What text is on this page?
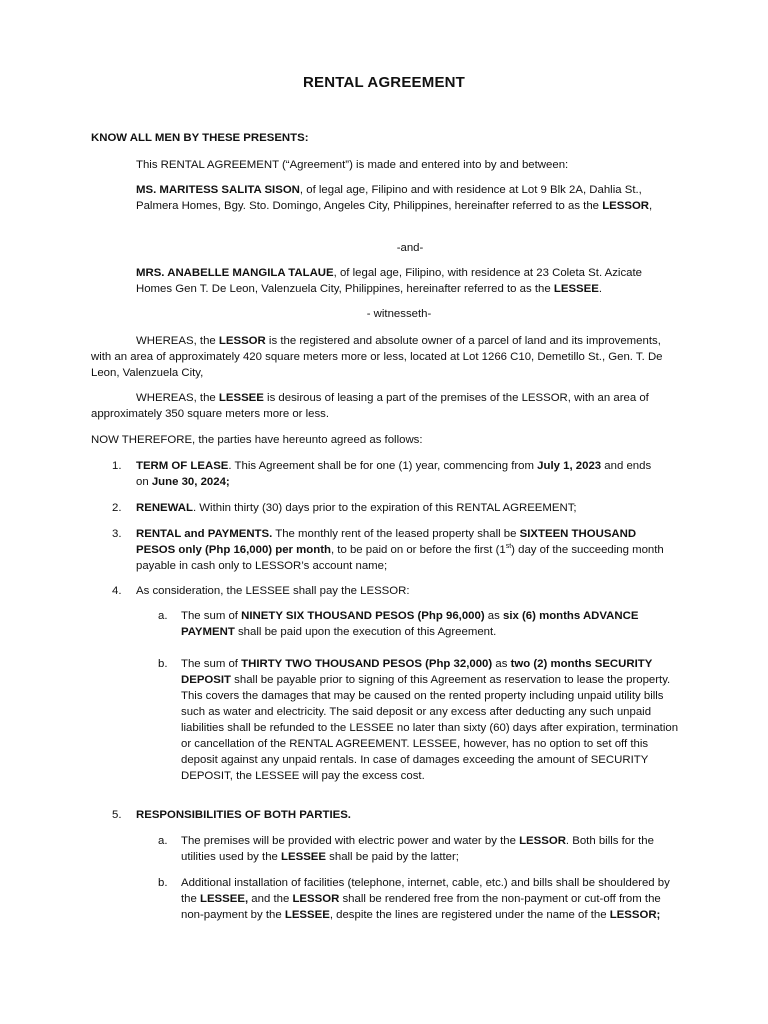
RENTAL AGREEMENT
KNOW ALL MEN BY THESE PRESENTS:
This RENTAL AGREEMENT (“Agreement”) is made and entered into by and between:
MS. MARITESS SALITA SISON, of legal age, Filipino and with residence at Lot 9 Blk 2A, Dahlia St., Palmera Homes, Bgy. Sto. Domingo, Angeles City, Philippines, hereinafter referred to as the LESSOR,
-and-
MRS. ANABELLE MANGILA TALAUE, of legal age, Filipino, with residence at 23 Coleta St. Azicate Homes Gen T. De Leon, Valenzuela City, Philippines, hereinafter referred to as the LESSEE.
- witnesseth-
WHEREAS, the LESSOR is the registered and absolute owner of a parcel of land and its improvements, with an area of approximately 420 square meters more or less, located at Lot 1266 C10, Demetillo St., Gen. T. De Leon, Valenzuela City,
WHEREAS, the LESSEE is desirous of leasing a part of the premises of the LESSOR, with an area of approximately 350 square meters more or less.
NOW THEREFORE, the parties have hereunto agreed as follows:
1.	TERM OF LEASE. This Agreement shall be for one (1) year, commencing from July 1, 2023 and ends on June 30, 2024;
2.	RENEWAL. Within thirty (30) days prior to the expiration of this RENTAL AGREEMENT;
3.	RENTAL and PAYMENTS. The monthly rent of the leased property shall be SIXTEEN THOUSAND PESOS only (Php 16,000) per month, to be paid on or before the first (1st) day of the succeeding month payable in cash only to LESSOR’s account name;
4.	As consideration, the LESSEE shall pay the LESSOR:
a.	The sum of NINETY SIX THOUSAND PESOS (Php 96,000) as six (6) months ADVANCE PAYMENT shall be paid upon the execution of this Agreement.
b.	The sum of THIRTY TWO THOUSAND PESOS (Php 32,000) as two (2) months SECURITY DEPOSIT shall be payable prior to signing of this Agreement as reservation to lease the property. This covers the damages that may be caused on the rented property including unpaid utility bills such as water and electricity. The said deposit or any excess after deducting any such unpaid liabilities shall be refunded to the LESSEE no later than sixty (60) days after expiration, termination or cancellation of the RENTAL AGREEMENT. LESSEE, however, has no option to set off this deposit against any unpaid rentals. In case of damages exceeding the amount of SECURITY DEPOSIT, the LESSEE will pay the excess cost.
5.	RESPONSIBILITIES OF BOTH PARTIES.
a.	The premises will be provided with electric power and water by the LESSOR. Both bills for the utilities used by the LESSEE shall be paid by the latter;
b.	Additional installation of facilities (telephone, internet, cable, etc.) and bills shall be shouldered by the LESSEE, and the LESSOR shall be rendered free from the non-payment or cut-off from the non-payment by the LESSEE, despite the lines are registered under the name of the LESSOR;
